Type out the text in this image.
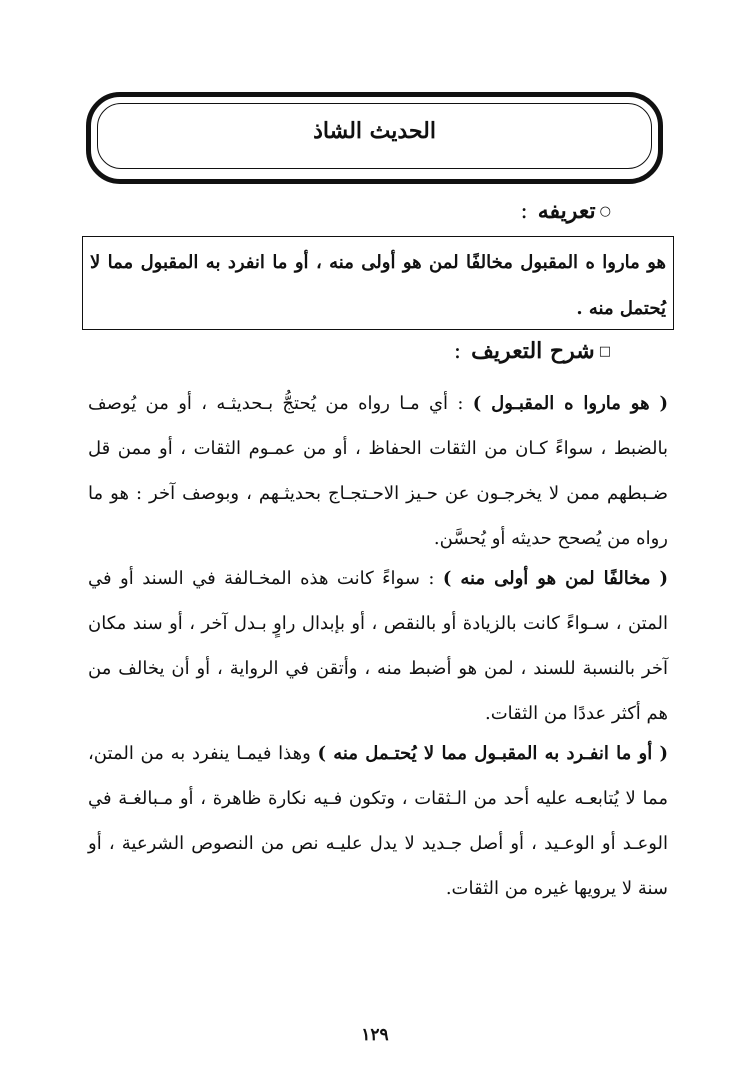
الحديث الشاذ
○
تعريفه
:
هو ماروا ه المقبول مخالفًا لمن هو أولى منه ، أو ما انفرد به المقبول مما لا يُحتمل منه .
□
شرح التعريف
:
( هو ماروا ه المقبـول ) : أي مـا رواه من يُحتجُّ بـحديثـه ، أو من يُوصف بالضبط ، سواءً كـان من الثقات الحفاظ ، أو من عمـوم الثقات ، أو ممن قل ضـبطهم ممن لا يخرجـون عن حـيز الاحـتجـاج بحديثـهم ، وبوصف آخر : هو ما رواه من يُصحح حديثه أو يُحسَّن.
( مخالفًا لمن هو أولى منه ) : سواءً كانت هذه المخـالفة في السند أو في المتن ، سـواءً كانت بالزيادة أو بالنقص ، أو بإبدال راوٍ بـدل آخر ، أو سند مكان آخر بالنسبة للسند ، لمن هو أضبط منه ، وأتقن في الرواية ، أو أن يخالف من هم أكثر عددًا من الثقات.
( أو ما انفـرد به المقبـول مما لا يُحتـمل منه ) وهذا فيمـا ينفرد به من المتن، مما لا يُتابعـه عليه أحد من الـثقات ، وتكون فـيه نكارة ظاهرة ، أو مـبالغـة في الوعـد أو الوعـيد ، أو أصل جـديد لا يدل عليـه نص من النصوص الشرعية ، أو سنة لا يرويها غيره من الثقات.
١٢٩
